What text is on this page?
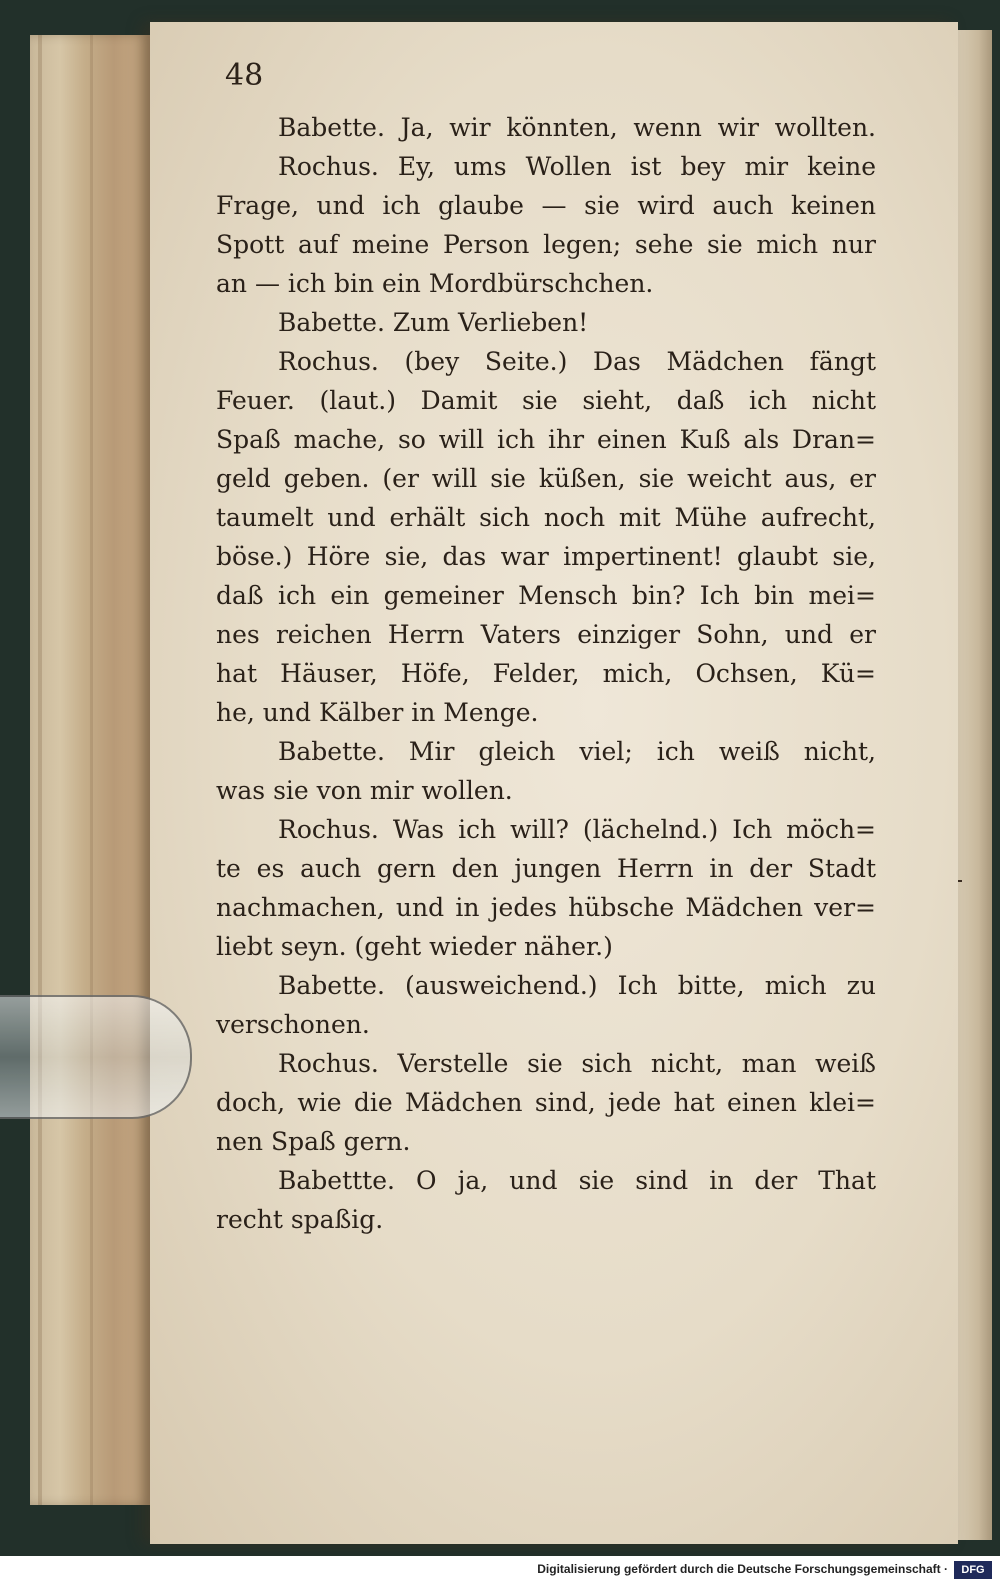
48
Babette. Ja, wir könnten, wenn wir wollten.
Rochus. Ey, ums Wollen ist bey mir keine
Frage, und ich glaube — sie wird auch keinen
Spott auf meine Person legen; sehe sie mich nur
an — ich bin ein Mordbürschchen.
Babette. Zum Verlieben!
Rochus. (bey Seite.) Das Mädchen fängt
Feuer. (laut.) Damit sie sieht, daß ich nicht
Spaß mache, so will ich ihr einen Kuß als Dran=
geld geben. (er will sie küßen, sie weicht aus, er
taumelt und erhält sich noch mit Mühe aufrecht,
böse.) Höre sie, das war impertinent! glaubt sie,
daß ich ein gemeiner Mensch bin? Ich bin mei=
nes reichen Herrn Vaters einziger Sohn, und er
hat Häuser, Höfe, Felder, mich, Ochsen, Kü=
he, und Kälber in Menge.
Babette. Mir gleich viel; ich weiß nicht,
was sie von mir wollen.
Rochus. Was ich will? (lächelnd.) Ich möch=
te es auch gern den jungen Herrn in der Stadt
nachmachen, und in jedes hübsche Mädchen ver=
liebt seyn. (geht wieder näher.)
Babette. (ausweichend.) Ich bitte, mich zu
verschonen.
Rochus. Verstelle sie sich nicht, man weiß
doch, wie die Mädchen sind, jede hat einen klei=
nen Spaß gern.
Babettte. O ja, und sie sind in der That
recht spaßig.
Digitalisierung gefördert durch die Deutsche Forschungsgemeinschaft ·	DFG
